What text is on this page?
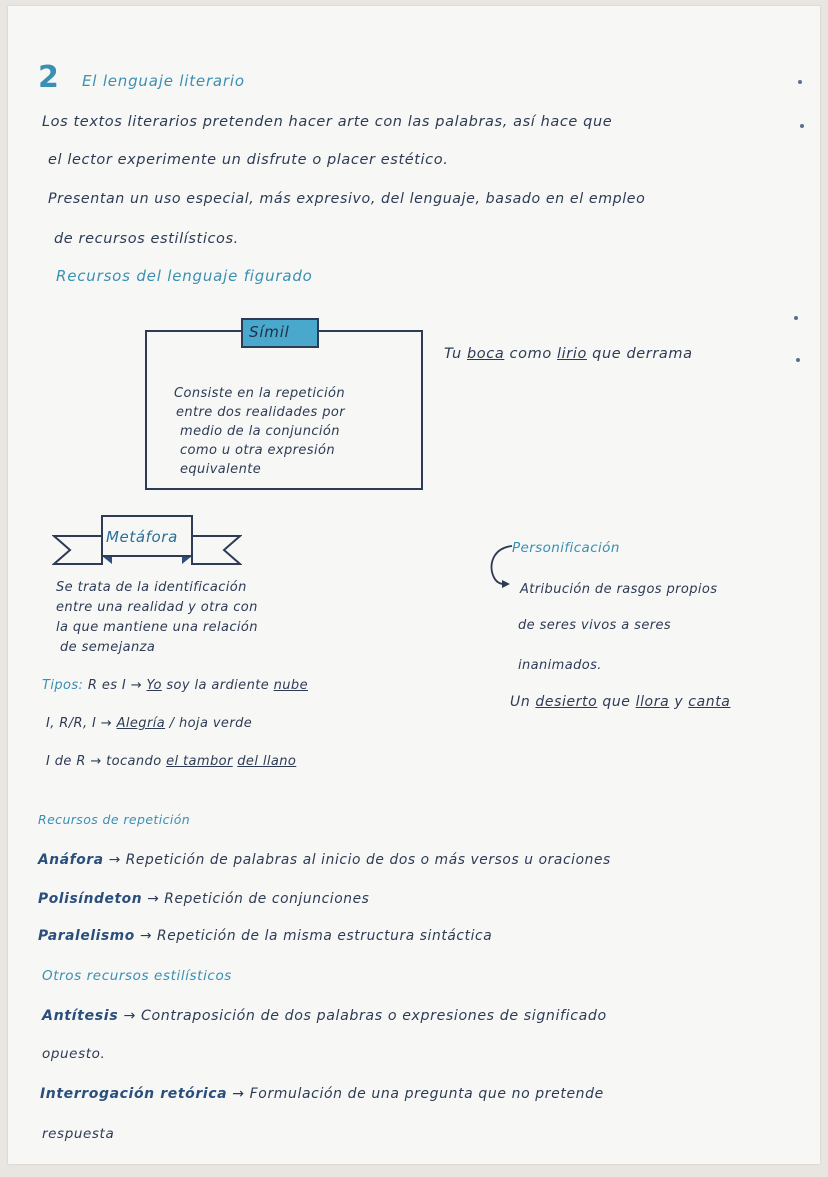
2 El lenguaje literario
Los textos literarios pretenden hacer arte con las palabras, así hace que
el lector experimente un disfrute o placer estético.
Presentan un uso especial, más expresivo, del lenguaje, basado en el empleo
de recursos estilísticos.
Recursos del lenguaje figurado
Símil
Consiste en la repetición
entre dos realidades por
medio de la conjunción
como u otra expresión
equivalente
Tu boca como lirio que derrama
Metáfora
Se trata de la identificación
entre una realidad y otra con
la que mantiene una relación
de semejanza
Tipos: R es I → Yo soy la ardiente nube
I, R/R, I → Alegría / hoja verde
I de R → tocando el tambor del llano
Personificación
Atribución de rasgos propios
de seres vivos a seres
inanimados.
Un desierto que llora y canta
Recursos de repetición
Anáfora → Repetición de palabras al inicio de dos o más versos u oraciones
Polisíndeton → Repetición de conjunciones
Paralelismo → Repetición de la misma estructura sintáctica
Otros recursos estilísticos
Antítesis → Contraposición de dos palabras o expresiones de significado
opuesto.
Interrogación retórica → Formulación de una pregunta que no pretende
respuesta
